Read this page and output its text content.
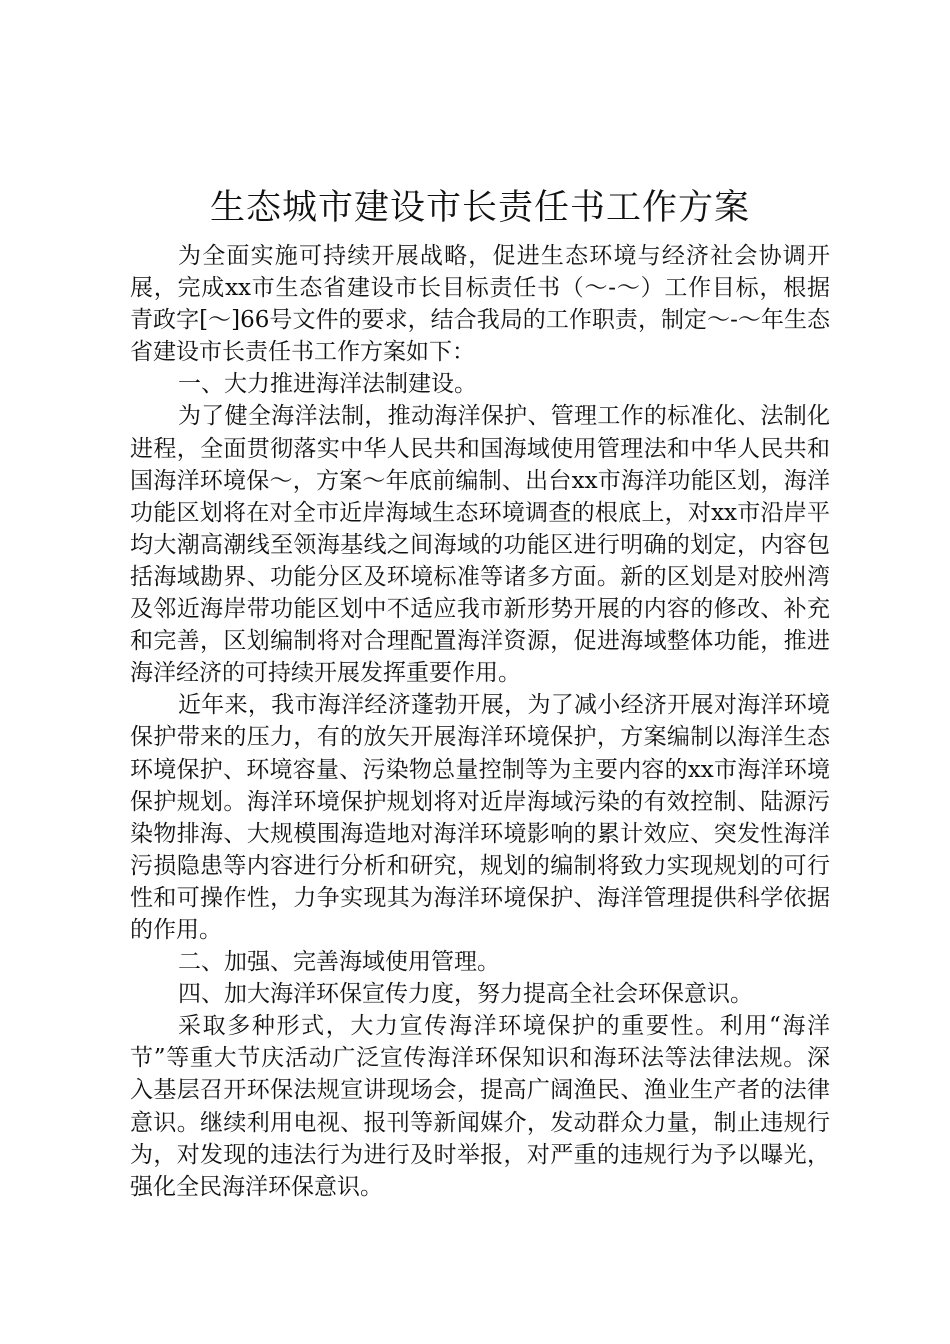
生态城市建设市长责任书工作方案

为全面实施可持续开展战略，促进生态环境与经济社会协调开展，完成xx市生态省建设市长目标责任书（～-～）工作目标，根据青政字[～]66号文件的要求，结合我局的工作职责，制定～-～年生态省建设市长责任书工作方案如下：

一、大力推进海洋法制建设。

为了健全海洋法制，推动海洋保护、管理工作的标准化、法制化进程，全面贯彻落实中华人民共和国海域使用管理法和中华人民共和国海洋环境保～，方案～年底前编制、出台xx市海洋功能区划，海洋功能区划将在对全市近岸海域生态环境调查的根底上，对xx市沿岸平均大潮高潮线至领海基线之间海域的功能区进行明确的划定，内容包括海域勘界、功能分区及环境标准等诸多方面。新的区划是对胶州湾及邻近海岸带功能区划中不适应我市新形势开展的内容的修改、补充和完善，区划编制将对合理配置海洋资源，促进海域整体功能，推进海洋经济的可持续开展发挥重要作用。

近年来，我市海洋经济蓬勃开展，为了减小经济开展对海洋环境保护带来的压力，有的放矢开展海洋环境保护，方案编制以海洋生态环境保护、环境容量、污染物总量控制等为主要内容的xx市海洋环境保护规划。海洋环境保护规划将对近岸海域污染的有效控制、陆源污染物排海、大规模围海造地对海洋环境影响的累计效应、突发性海洋污损隐患等内容进行分析和研究，规划的编制将致力实现规划的可行性和可操作性，力争实现其为海洋环境保护、海洋管理提供科学依据的作用。

二、加强、完善海域使用管理。

四、加大海洋环保宣传力度，努力提高全社会环保意识。

采取多种形式，大力宣传海洋环境保护的重要性。利用“海洋节”等重大节庆活动广泛宣传海洋环保知识和海环法等法律法规。深入基层召开环保法规宣讲现场会，提高广阔渔民、渔业生产者的法律意识。继续利用电视、报刊等新闻媒介，发动群众力量，制止违规行为，对发现的违法行为进行及时举报，对严重的违规行为予以曝光，强化全民海洋环保意识。
